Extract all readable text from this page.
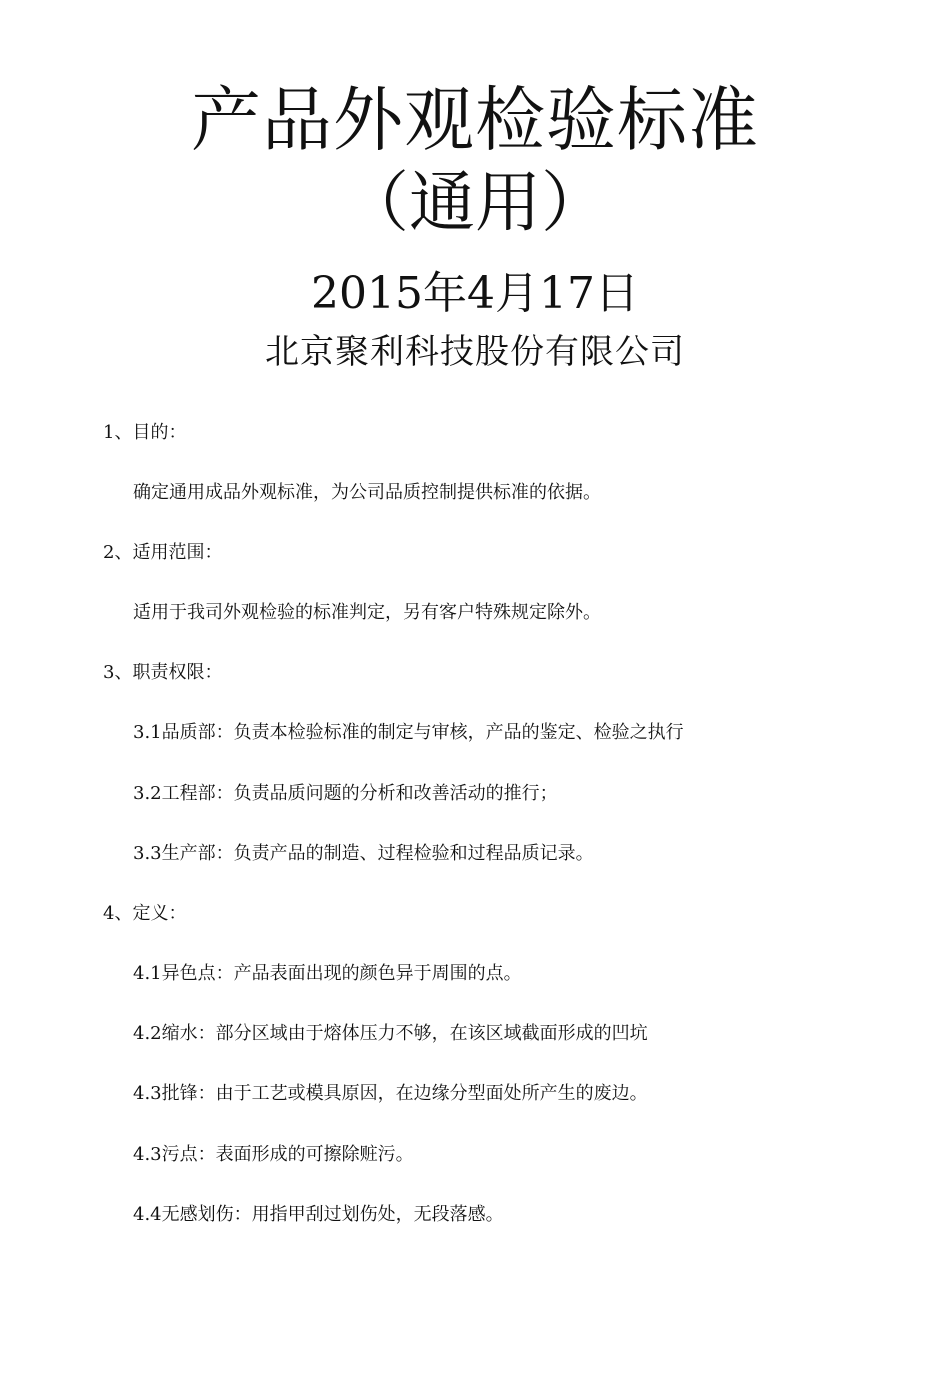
产品外观检验标准
（通用）
2015年4月17日
北京聚利科技股份有限公司
1、目的：
确定通用成品外观标准，为公司品质控制提供标准的依据。
2、适用范围：
适用于我司外观检验的标准判定，另有客户特殊规定除外。
3、职责权限：
3.1品质部：负责本检验标准的制定与审核，产品的鉴定、检验之执行
3.2工程部：负责品质问题的分析和改善活动的推行；
3.3生产部：负责产品的制造、过程检验和过程品质记录。
4、定义：
4.1异色点：产品表面出现的颜色异于周围的点。
4.2缩水：部分区域由于熔体压力不够，在该区域截面形成的凹坑
4.3批锋：由于工艺或模具原因，在边缘分型面处所产生的废边。
4.3污点：表面形成的可擦除赃污。
4.4无感划伤：用指甲刮过划伤处，无段落感。
